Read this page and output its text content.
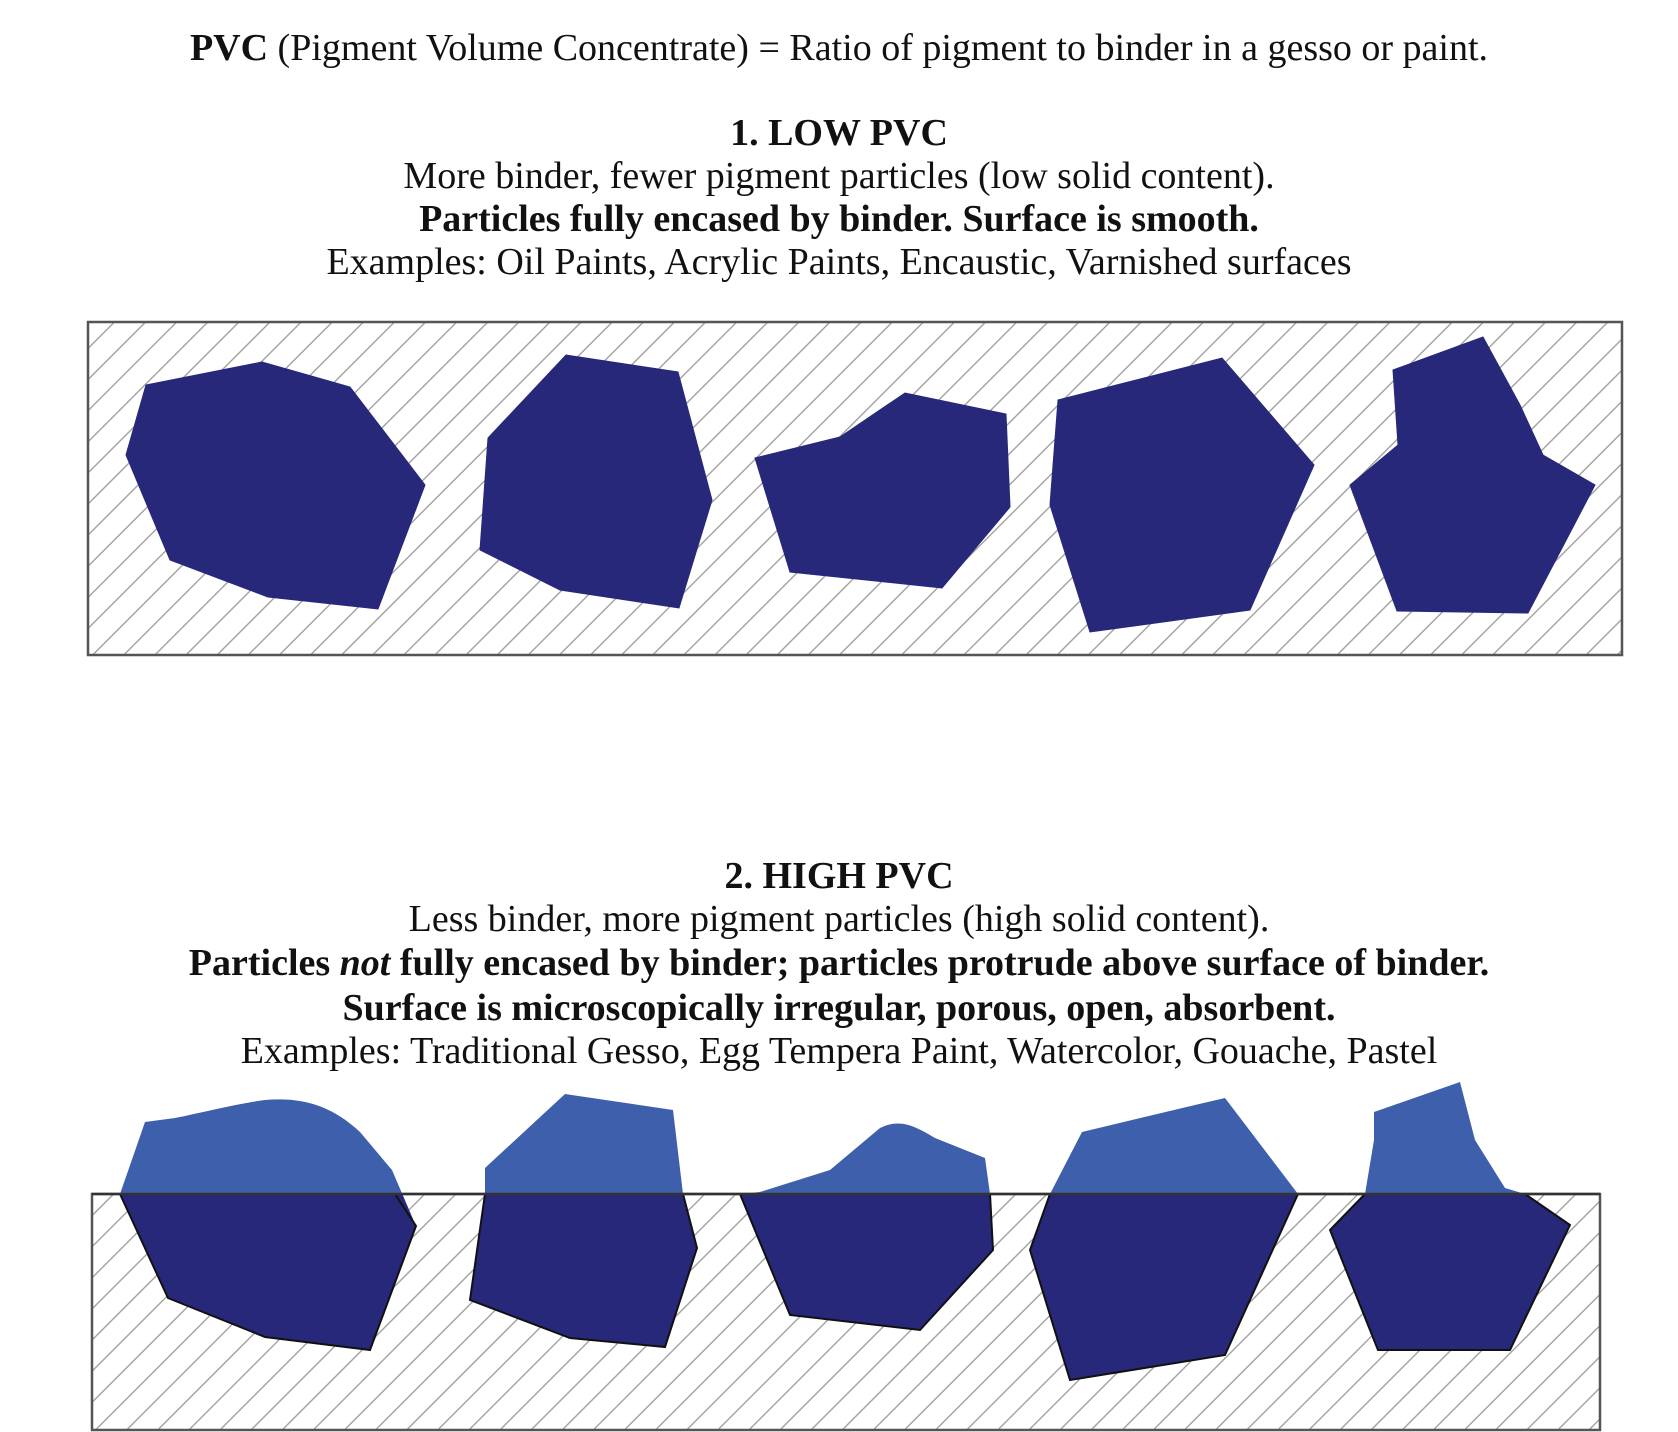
PVC (Pigment Volume Concentrate) = Ratio of pigment to binder in a gesso or paint.
1. LOW PVC
More binder, fewer pigment particles (low solid content).
Particles fully encased by binder. Surface is smooth.
Examples: Oil Paints, Acrylic Paints, Encaustic, Varnished surfaces
2. HIGH PVC
Less binder, more pigment particles (high solid content).
Particles not fully encased by binder; particles protrude above surface of binder.
Surface is microscopically irregular, porous, open, absorbent.
Examples: Traditional Gesso, Egg Tempera Paint, Watercolor, Gouache, Pastel
